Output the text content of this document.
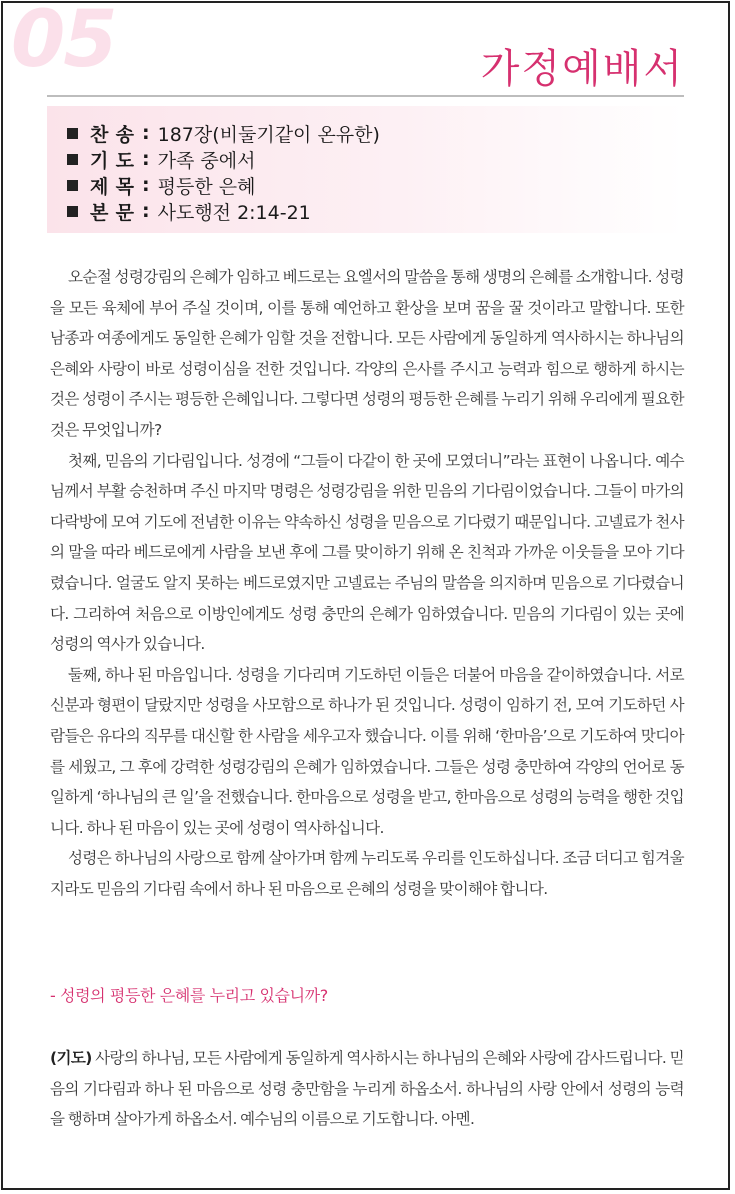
05	가정예배서
찬 송 : 187장(비둘기같이 온유한)
기 도 : 가족 중에서
제 목 : 평등한 은혜
본 문 : 사도행전 2:14-21

오순절 성령강림의 은혜가 임하고 베드로는 요엘서의 말씀을 통해 생명의 은혜를 소개합니다. 성령을 모든 육체에 부어 주실 것이며, 이를 통해 예언하고 환상을 보며 꿈을 꿀 것이라고 말합니다. 또한 남종과 여종에게도 동일한 은혜가 임할 것을 전합니다. 모든 사람에게 동일하게 역사하시는 하나님의 은혜와 사랑이 바로 성령이심을 전한 것입니다. 각양의 은사를 주시고 능력과 힘으로 행하게 하시는 것은 성령이 주시는 평등한 은혜입니다. 그렇다면 성령의 평등한 은혜를 누리기 위해 우리에게 필요한 것은 무엇입니까?

첫째, 믿음의 기다림입니다. 성경에 “그들이 다같이 한 곳에 모였더니”라는 표현이 나옵니다. 예수님께서 부활 승천하며 주신 마지막 명령은 성령강림을 위한 믿음의 기다림이었습니다. 그들이 마가의 다락방에 모여 기도에 전념한 이유는 약속하신 성령을 믿음으로 기다렸기 때문입니다. 고넬료가 천사의 말을 따라 베드로에게 사람을 보낸 후에 그를 맞이하기 위해 온 친척과 가까운 이웃들을 모아 기다렸습니다. 얼굴도 알지 못하는 베드로였지만 고넬료는 주님의 말씀을 의지하며 믿음으로 기다렸습니다. 그리하여 처음으로 이방인에게도 성령 충만의 은혜가 임하였습니다. 믿음의 기다림이 있는 곳에 성령의 역사가 있습니다.

둘째, 하나 된 마음입니다. 성령을 기다리며 기도하던 이들은 더불어 마음을 같이하였습니다. 서로 신분과 형편이 달랐지만 성령을 사모함으로 하나가 된 것입니다. 성령이 임하기 전, 모여 기도하던 사람들은 유다의 직무를 대신할 한 사람을 세우고자 했습니다. 이를 위해 ‘한마음’으로 기도하여 맛디아를 세웠고, 그 후에 강력한 성령강림의 은혜가 임하였습니다. 그들은 성령 충만하여 각양의 언어로 동일하게 ‘하나님의 큰 일’을 전했습니다. 한마음으로 성령을 받고, 한마음으로 성령의 능력을 행한 것입니다. 하나 된 마음이 있는 곳에 성령이 역사하십니다.

성령은 하나님의 사랑으로 함께 살아가며 함께 누리도록 우리를 인도하십니다. 조금 더디고 힘겨울지라도 믿음의 기다림 속에서 하나 된 마음으로 은혜의 성령을 맞이해야 합니다.

- 성령의 평등한 은혜를 누리고 있습니까?
(기도) 사랑의 하나님, 모든 사람에게 동일하게 역사하시는 하나님의 은혜와 사랑에 감사드립니다. 믿음의 기다림과 하나 된 마음으로 성령 충만함을 누리게 하옵소서. 하나님의 사랑 안에서 성령의 능력을 행하며 살아가게 하옵소서. 예수님의 이름으로 기도합니다. 아멘.
